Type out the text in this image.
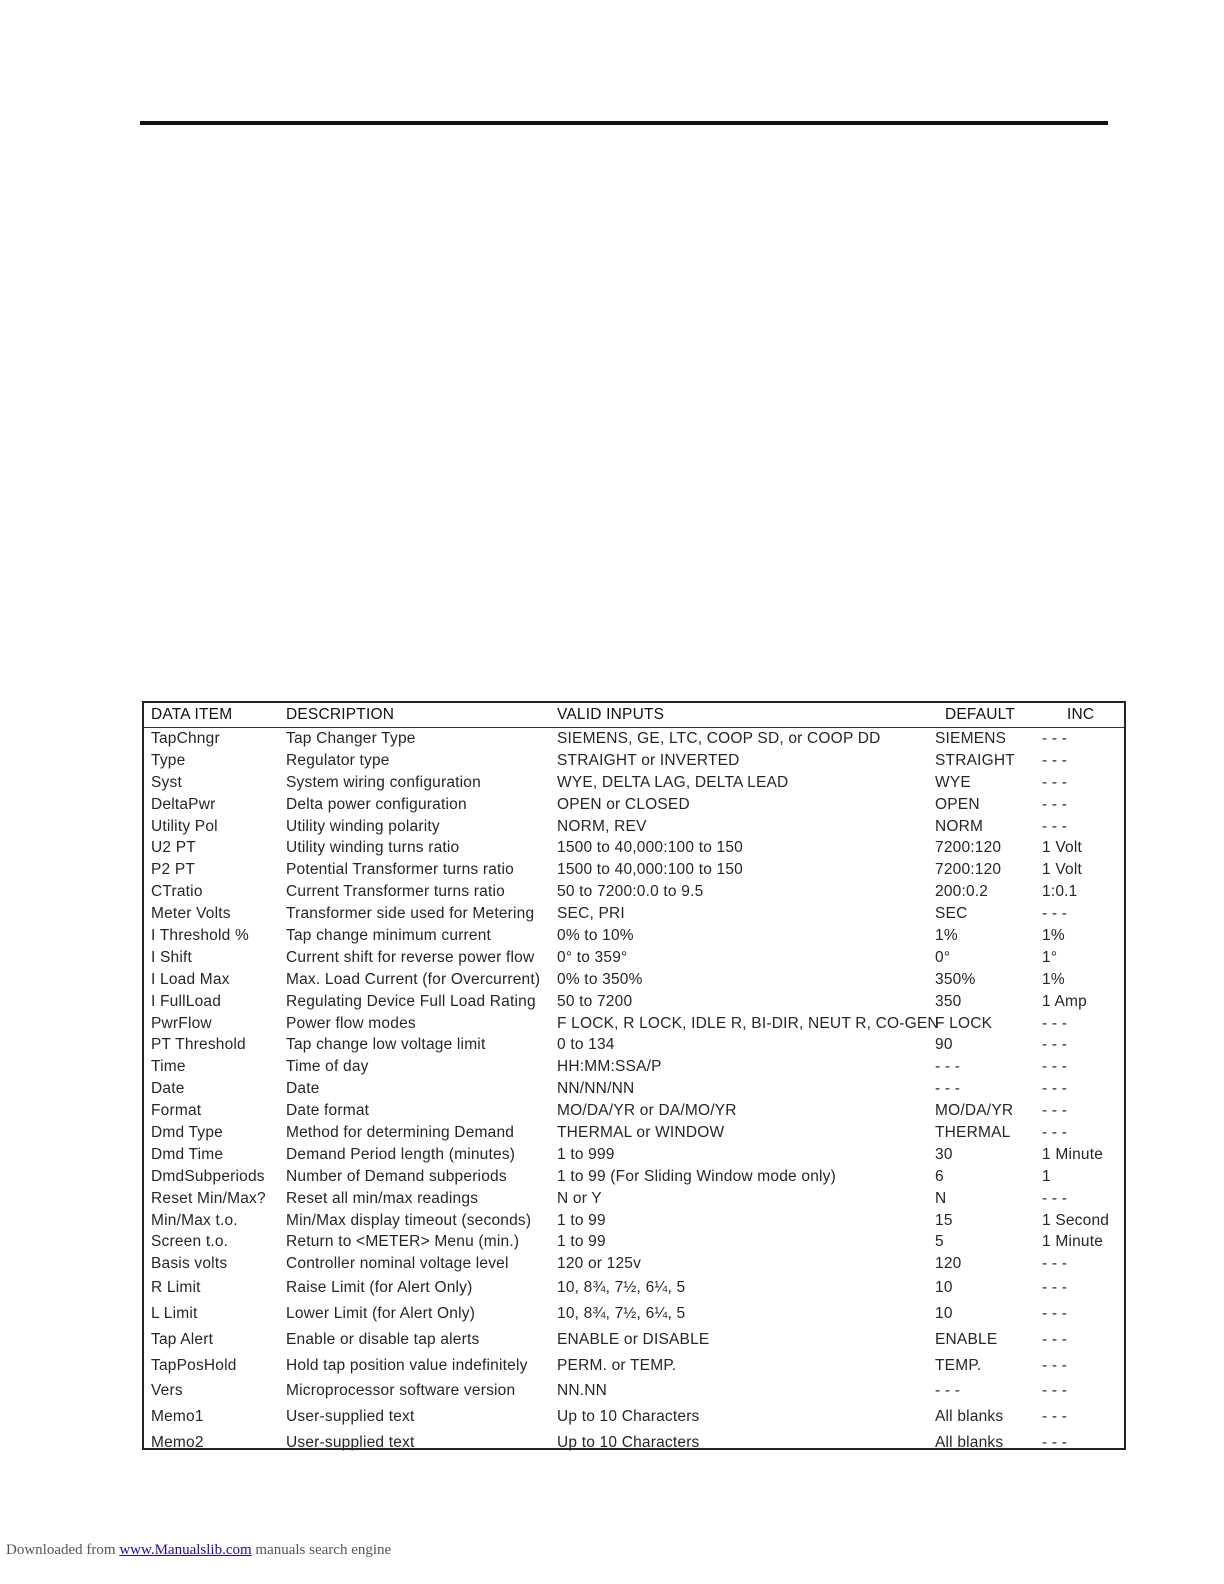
DATA ITEM	DESCRIPTION	VALID INPUTS	DEFAULT	INC
TapChngr	Tap Changer Type	SIEMENS, GE, LTC, COOP SD, or COOP DD	SIEMENS	- - -
Type	Regulator type	STRAIGHT or INVERTED	STRAIGHT	- - -
Syst	System wiring configuration	WYE, DELTA LAG, DELTA LEAD	WYE	- - -
DeltaPwr	Delta power configuration	OPEN or CLOSED	OPEN	- - -
Utility Pol	Utility winding polarity	NORM, REV	NORM	- - -
U2 PT	Utility winding turns ratio	1500 to 40,000:100 to 150	7200:120	1 Volt
P2 PT	Potential Transformer turns ratio	1500 to 40,000:100 to 150	7200:120	1 Volt
CTratio	Current Transformer turns ratio	50 to 7200:0.0 to 9.5	200:0.2	1:0.1
Meter Volts	Transformer side used for Metering	SEC, PRI	SEC	- - -
I Threshold %	Tap change minimum current	0% to 10%	1%	1%
I Shift	Current shift for reverse power flow	0° to 359°	0°	1°
I Load Max	Max. Load Current (for Overcurrent)	0% to 350%	350%	1%
I FullLoad	Regulating Device Full Load Rating	50 to 7200	350	1 Amp
PwrFlow	Power flow modes	F LOCK, R LOCK, IDLE R, BI-DIR, NEUT R, CO-GEN	F LOCK	- - -
PT Threshold	Tap change low voltage limit	0 to 134	90	- - -
Time	Time of day	HH:MM:SSA/P	- - -	- - -
Date	Date	NN/NN/NN	- - -	- - -
Format	Date format	MO/DA/YR or DA/MO/YR	MO/DA/YR	- - -
Dmd Type	Method for determining Demand	THERMAL or WINDOW	THERMAL	- - -
Dmd Time	Demand Period length (minutes)	1 to 999	30	1 Minute
DmdSubperiods	Number of Demand subperiods	1 to 99 (For Sliding Window mode only)	6	1
Reset Min/Max?	Reset all min/max readings	N or Y	N	- - -
Min/Max t.o.	Min/Max display timeout (seconds)	1 to 99	15	1 Second
Screen t.o.	Return to <METER> Menu (min.)	1 to 99	5	1 Minute
Basis volts	Controller nominal voltage level	120 or 125v	120	- - -
R Limit	Raise Limit (for Alert Only)	10, 8¾, 7½, 6¼, 5	10	- - -
L Limit	Lower Limit (for Alert Only)	10, 8¾, 7½, 6¼, 5	10	- - -
Tap Alert	Enable or disable tap alerts	ENABLE or DISABLE	ENABLE	- - -
TapPosHold	Hold tap position value indefinitely	PERM. or TEMP.	TEMP.	- - -
Vers	Microprocessor software version	NN.NN	- - -	- - -
Memo1	User-supplied text	Up to 10 Characters	All blanks	- - -
Memo2	User-supplied text	Up to 10 Characters	All blanks	- - -
Downloaded from www.Manualslib.com manuals search engine
